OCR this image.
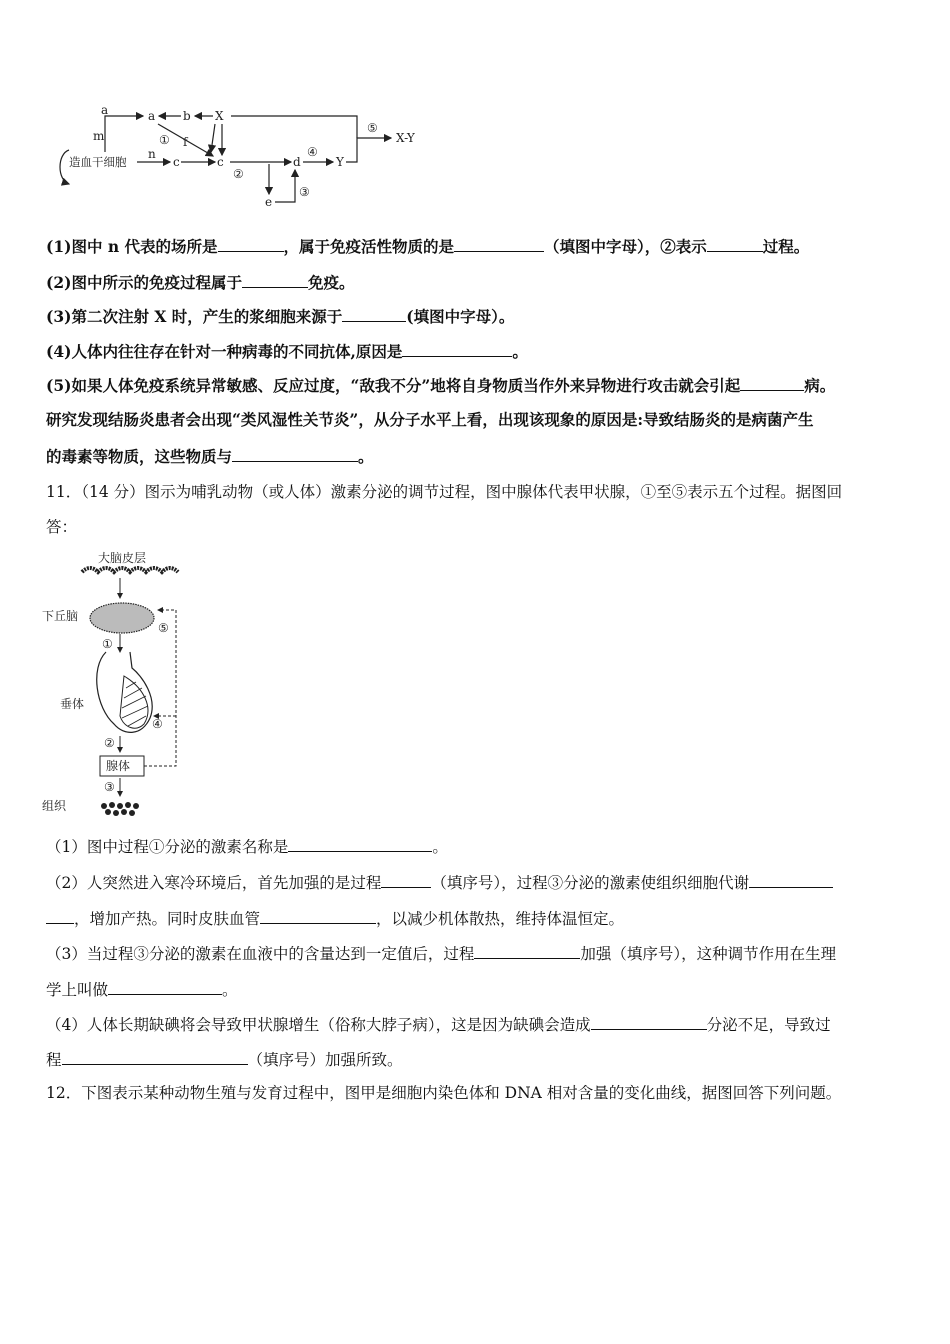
a	a b X
m	f
①
n
c	c
②
d
④
Y
⑤
X-Y
e
③
造血干细胞
(1)图中 n 代表的场所是	，属于免疫活性物质的是	（填图中字母），②表示	过程。
(2)图中所示的免疫过程属于	免疫。
(3)第二次注射 X 时，产生的浆细胞来源于	(填图中字母）。
(4)人体内往往存在针对一种病毒的不同抗体,原因是	。
(5)如果人体免疫系统异常敏感、反应过度，“敌我不分”地将自身物质当作外来异物进行攻击就会引起	病。
研究发现结肠炎患者会出现“类风湿性关节炎”，从分子水平上看，出现该现象的原因是:导致结肠炎的是病菌产生
的毒素等物质，这些物质与	。
11．（14 分）图示为哺乳动物（或人体）激素分泌的调节过程，图中腺体代表甲状腺，①至⑤表示五个过程。据图回
答：
大脑皮层
下丘脑
垂体
腺体
组织
①
②
③
④
⑤
（1）图中过程①分泌的激素名称是	。
（2）人突然进入寒冷环境后，首先加强的是过程	（填序号），过程③分泌的激素使组织细胞代谢
，增加产热。同时皮肤血管	，以减少机体散热，维持体温恒定。
（3）当过程③分泌的激素在血液中的含量达到一定值后，过程	加强（填序号），这种调节作用在生理
学上叫做	。
（4）人体长期缺碘将会导致甲状腺增生（俗称大脖子病），这是因为缺碘会造成	分泌不足，导致过
程	（填序号）加强所致。
12．下图表示某种动物生殖与发育过程中，图甲是细胞内染色体和 DNA 相对含量的变化曲线，据图回答下列问题。
